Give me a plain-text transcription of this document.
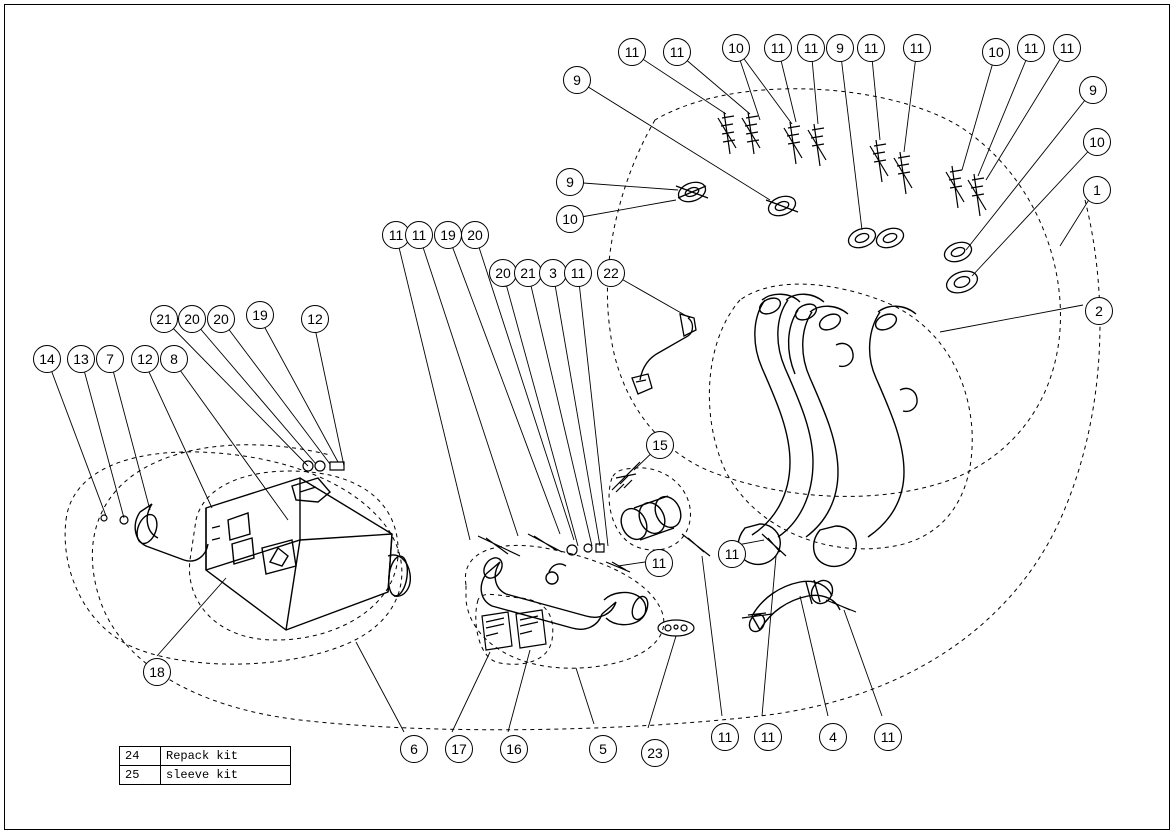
11	11	10	11	11	9	11	11	10	11	11
9
10
1
9
9
10
2
11 11 19 20
20 21 3 11	22
21 20 20	19	12
14	13	7	12	8
15
11
11
18
6	17	16	5	23
11	11	4	11
24	Repack kit
25	sleeve kit
